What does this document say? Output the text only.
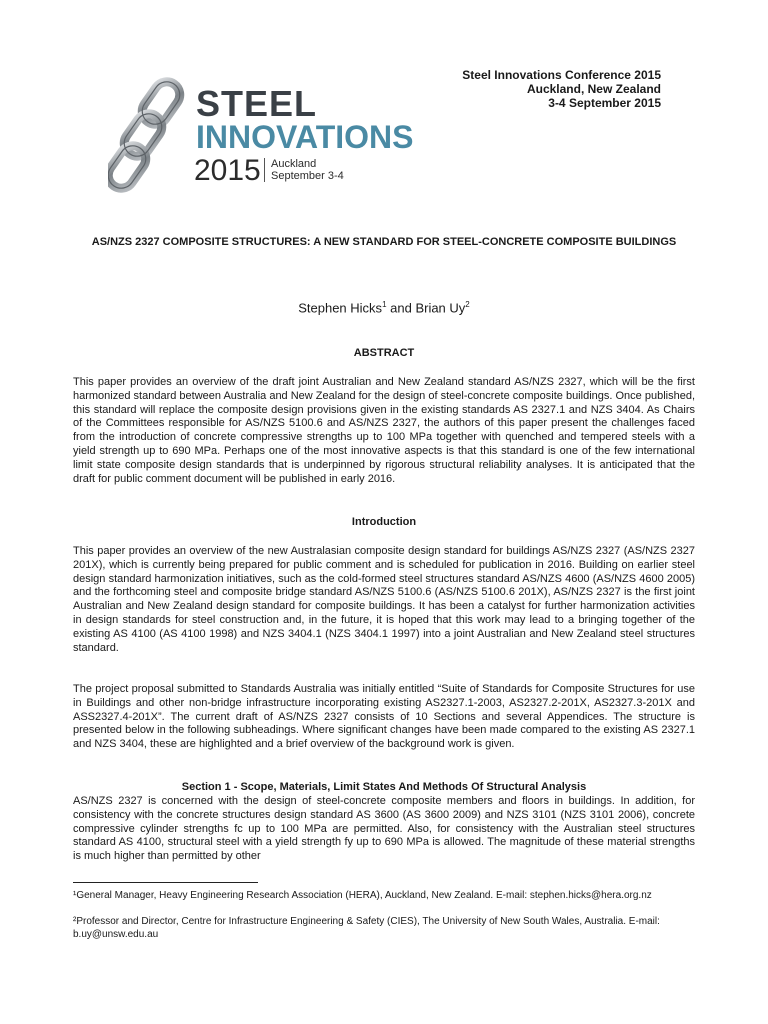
STEEL
INNOVATIONS
2015 Auckland
September 3-4
Steel Innovations Conference 2015
Auckland, New Zealand
3-4 September 2015
AS/NZS 2327 COMPOSITE STRUCTURES: A NEW STANDARD FOR STEEL-CONCRETE COMPOSITE BUILDINGS
Stephen Hicks$^1$ and Brian Uy$^2$
ABSTRACT
This paper provides an overview of the draft joint Australian and New Zealand standard AS/NZS 2327, which will be the first harmonized standard between Australia and New Zealand for the design of steel-concrete composite buildings. Once published, this standard will replace the composite design provisions given in the existing standards AS 2327.1 and NZS 3404. As Chairs of the Committees responsible for AS/NZS 5100.6 and AS/NZS 2327, the authors of this paper present the challenges faced from the introduction of concrete compressive strengths up to 100 MPa together with quenched and tempered steels with a yield strength up to 690 MPa. Perhaps one of the most innovative aspects is that this standard is one of the few international limit state composite design standards that is underpinned by rigorous structural reliability analyses. It is anticipated that the draft for public comment document will be published in early 2016.
Introduction
This paper provides an overview of the new Australasian composite design standard for buildings AS/NZS 2327 (AS/NZS 2327 201X), which is currently being prepared for public comment and is scheduled for publication in 2016. Building on earlier steel design standard harmonization initiatives, such as the cold-formed steel structures standard AS/NZS 4600 (AS/NZS 4600 2005) and the forthcoming steel and composite bridge standard AS/NZS 5100.6 (AS/NZS 5100.6 201X), AS/NZS 2327 is the first joint Australian and New Zealand design standard for composite buildings. It has been a catalyst for further harmonization activities in design standards for steel construction and, in the future, it is hoped that this work may lead to a bringing together of the existing AS 4100 (AS 4100 1998) and NZS 3404.1 (NZS 3404.1 1997) into a joint Australian and New Zealand steel structures standard.
The project proposal submitted to Standards Australia was initially entitled “Suite of Standards for Composite Structures for use in Buildings and other non-bridge infrastructure incorporating existing AS2327.1-2003, AS2327.2-201X, AS2327.3-201X and ASS2327.4-201X”. The current draft of AS/NZS 2327 consists of 10 Sections and several Appendices. The structure is presented below in the following subheadings. Where significant changes have been made compared to the existing AS 2327.1 and NZS 3404, these are highlighted and a brief overview of the background work is given.
Section 1 - Scope, Materials, Limit States And Methods Of Structural Analysis
AS/NZS 2327 is concerned with the design of steel-concrete composite members and floors in buildings. In addition, for consistency with the concrete structures design standard AS 3600 (AS 3600 2009) and NZS 3101 (NZS 3101 2006), concrete compressive cylinder strengths fc up to 100 MPa are permitted. Also, for consistency with the Australian steel structures standard AS 4100, structural steel with a yield strength fy up to 690 MPa is allowed. The magnitude of these material strengths is much higher than permitted by other
¹General Manager, Heavy Engineering Research Association (HERA), Auckland, New Zealand. E-mail: stephen.hicks@hera.org.nz
²Professor and Director, Centre for Infrastructure Engineering & Safety (CIES), The University of New South Wales, Australia. E-mail: b.uy@unsw.edu.au
